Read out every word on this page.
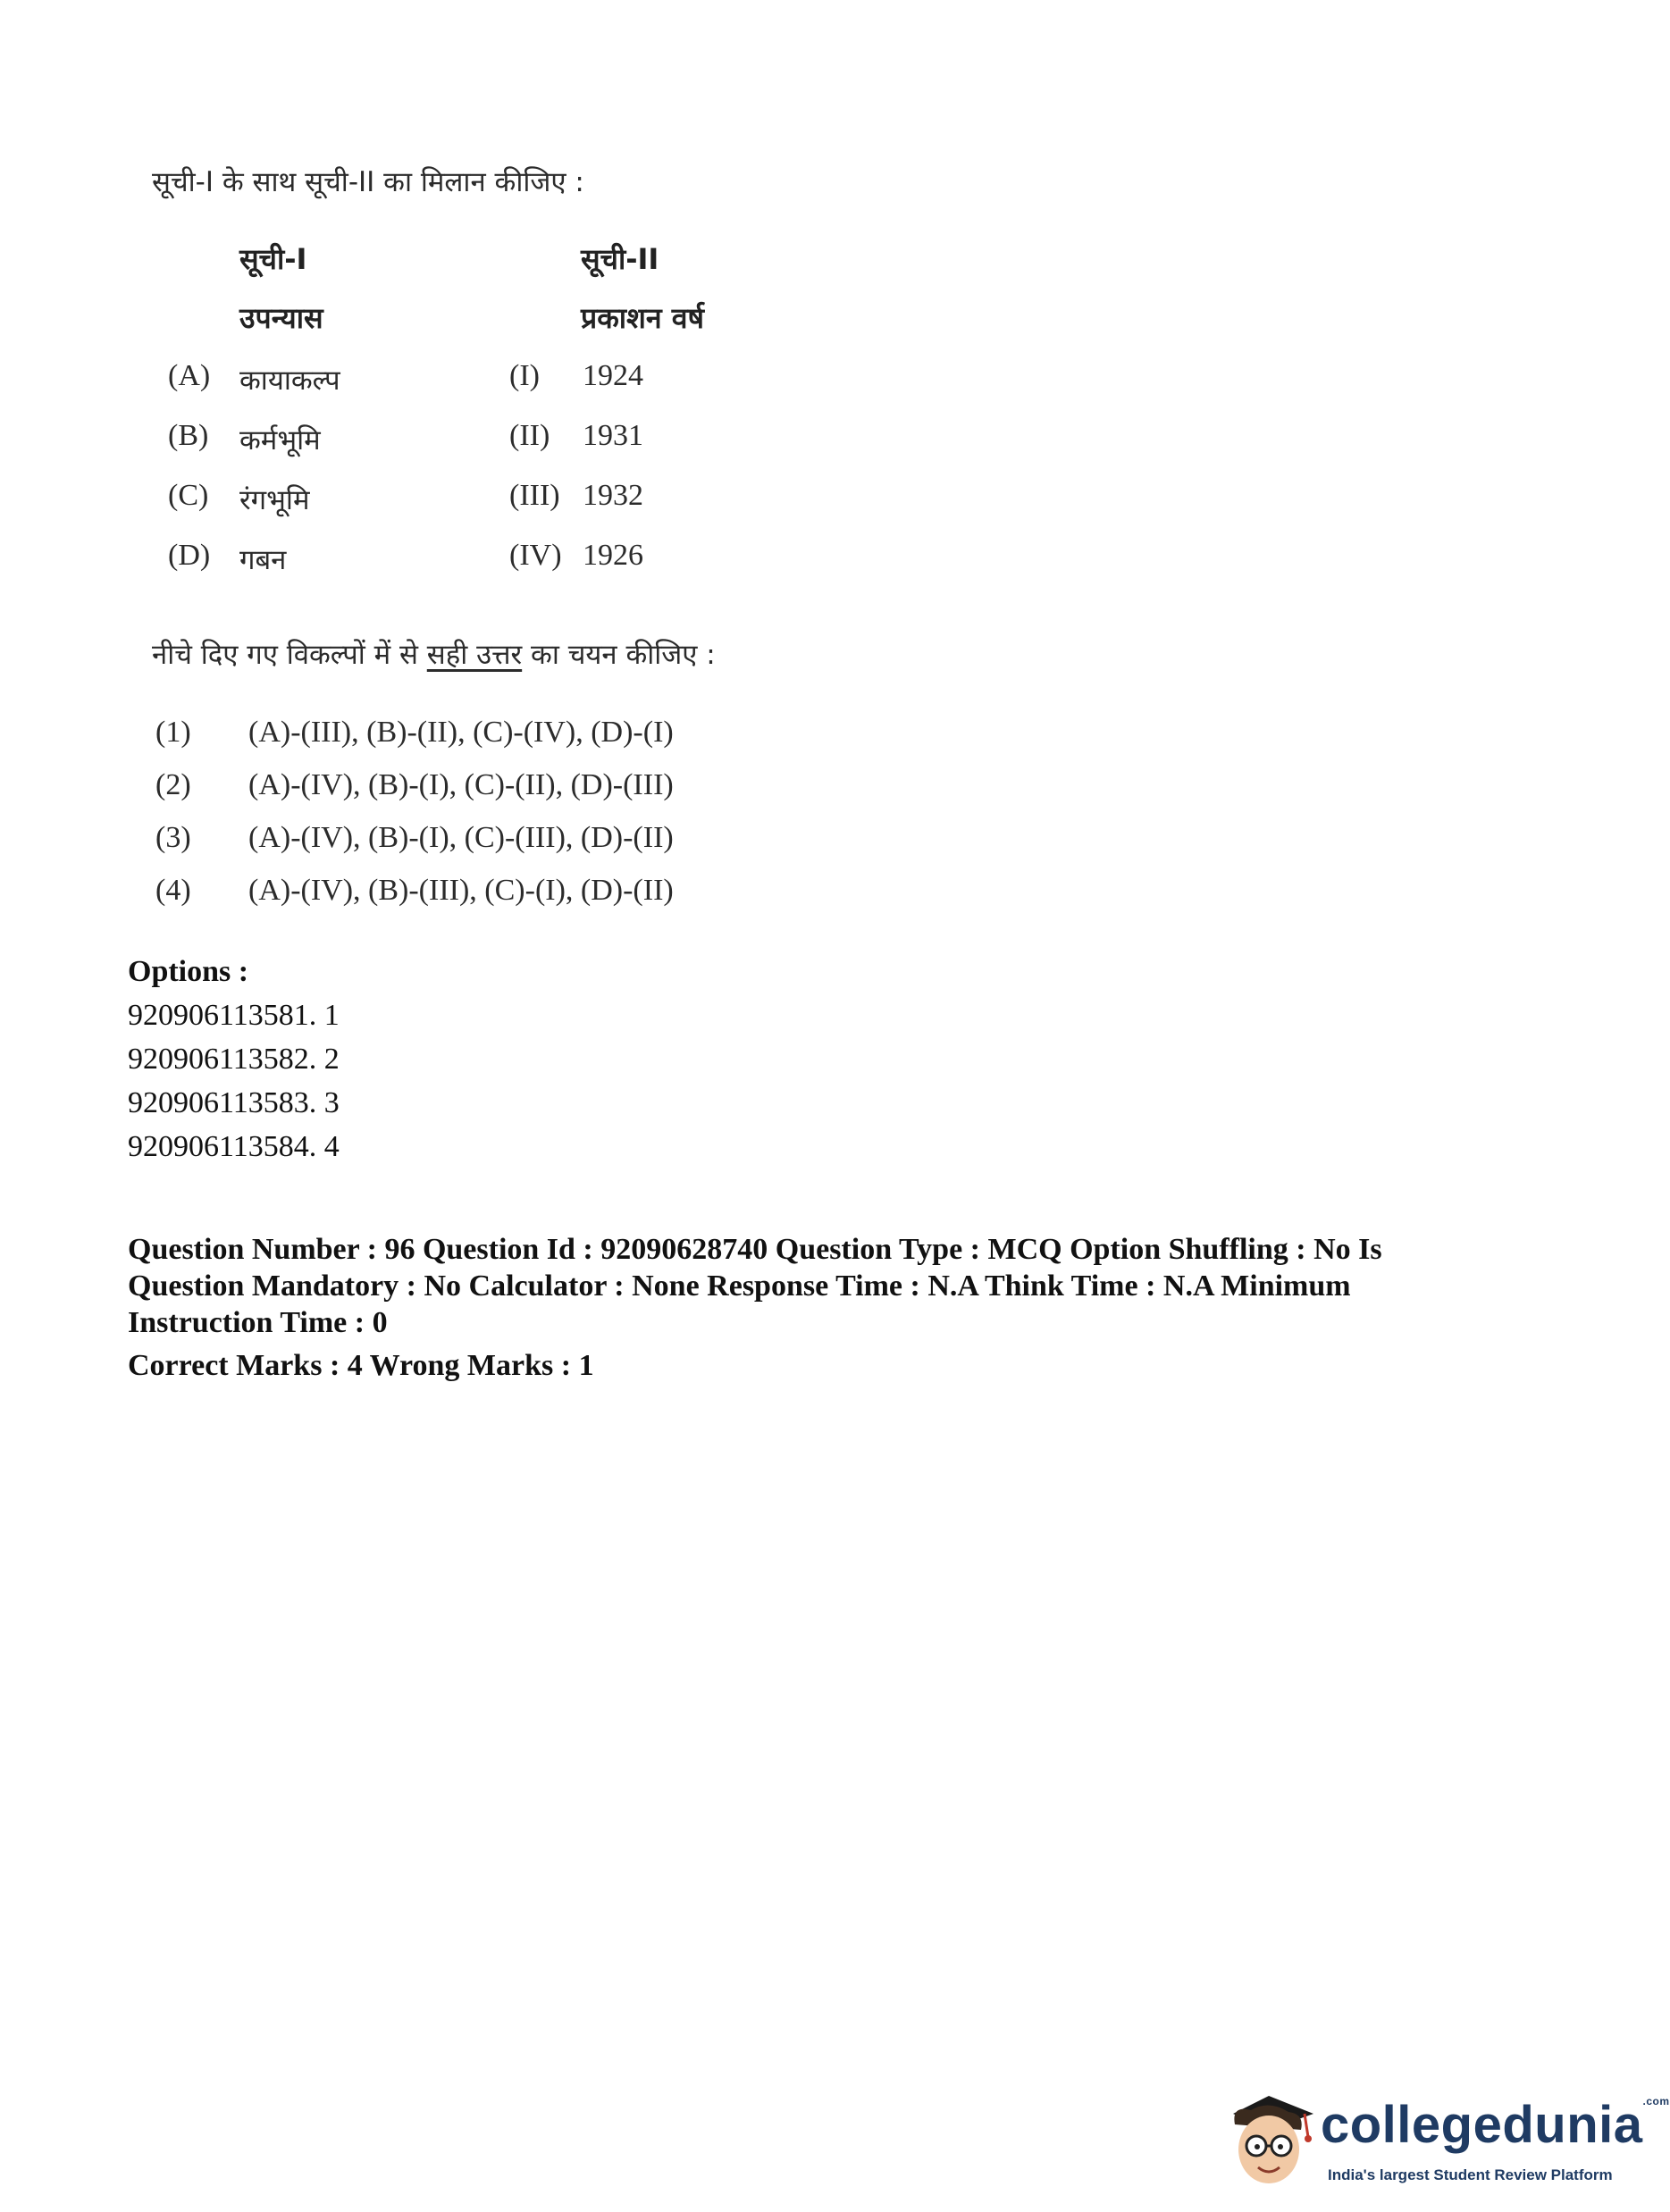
सूची-I के साथ सूची-II का मिलान कीजिए :
सूची-I	सूची-II
उपन्यास	प्रकाशन वर्ष
(A) कायाकल्प	(I) 1924
(B) कर्मभूमि	(II) 1931
(C) रंगभूमि	(III) 1932
(D) गबन	(IV) 1926
नीचे दिए गए विकल्पों में से सही उत्तर का चयन कीजिए :
(1) (A)-(III), (B)-(II), (C)-(IV), (D)-(I)
(2) (A)-(IV), (B)-(I), (C)-(II), (D)-(III)
(3) (A)-(IV), (B)-(I), (C)-(III), (D)-(II)
(4) (A)-(IV), (B)-(III), (C)-(I), (D)-(II)
Options :
920906113581. 1
920906113582. 2
920906113583. 3
920906113584. 4
Question Number : 96 Question Id : 92090628740 Question Type : MCQ Option Shuffling : No Is
Question Mandatory : No Calculator : None Response Time : N.A Think Time : N.A Minimum
Instruction Time : 0
Correct Marks : 4 Wrong Marks : 1
collegedunia$^{.com}$
India's largest Student Review Platform
